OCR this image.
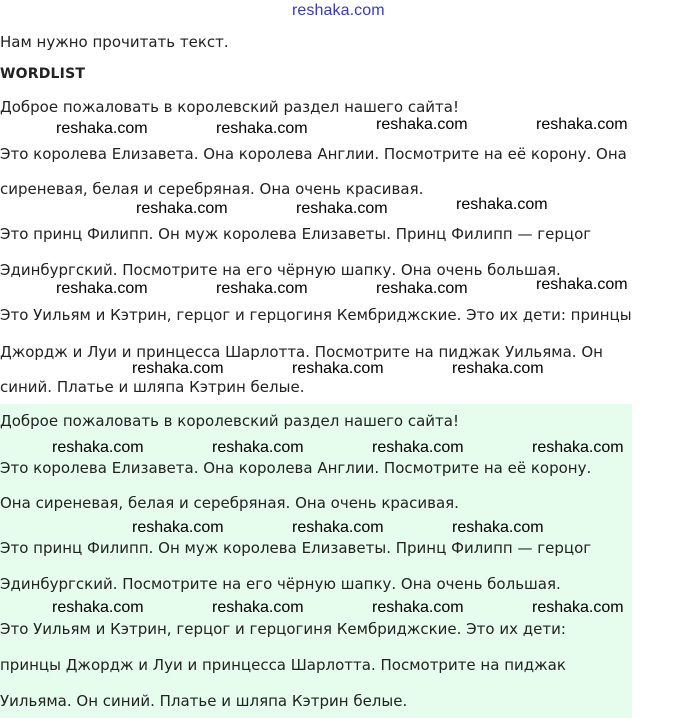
reshaka.com
Нам нужно прочитать текст.
WORDLIST
Доброе пожаловать в королевский раздел нашего сайта!
Это королева Елизавета. Она королева Англии. Посмотрите на её корону. Она
сиреневая, белая и серебряная. Она очень красивая.
Это принц Филипп. Он муж королева Елизаветы. Принц Филипп — герцог
Эдинбургский. Посмотрите на его чёрную шапку. Она очень большая.
Это Уильям и Кэтрин, герцог и герцогиня Кембриджские. Это их дети: принцы
Джордж и Луи и принцесса Шарлотта. Посмотрите на пиджак Уильяма. Он
синий. Платье и шляпа Кэтрин белые.
reshaka.com	reshaka.com	reshaka.com	reshaka.com
reshaka.com	reshaka.com	reshaka.com
reshaka.com	reshaka.com	reshaka.com	reshaka.com
reshaka.com	reshaka.com	reshaka.com
Доброе пожаловать в королевский раздел нашего сайта!
Это королева Елизавета. Она королева Англии. Посмотрите на её корону.
Она сиреневая, белая и серебряная. Она очень красивая.
Это принц Филипп. Он муж королева Елизаветы. Принц Филипп — герцог
Эдинбургский. Посмотрите на его чёрную шапку. Она очень большая.
Это Уильям и Кэтрин, герцог и герцогиня Кембриджские. Это их дети:
принцы Джордж и Луи и принцесса Шарлотта. Посмотрите на пиджак
Уильяма. Он синий. Платье и шляпа Кэтрин белые.
reshaka.com	reshaka.com	reshaka.com	reshaka.com
reshaka.com	reshaka.com	reshaka.com
reshaka.com	reshaka.com	reshaka.com	reshaka.com
